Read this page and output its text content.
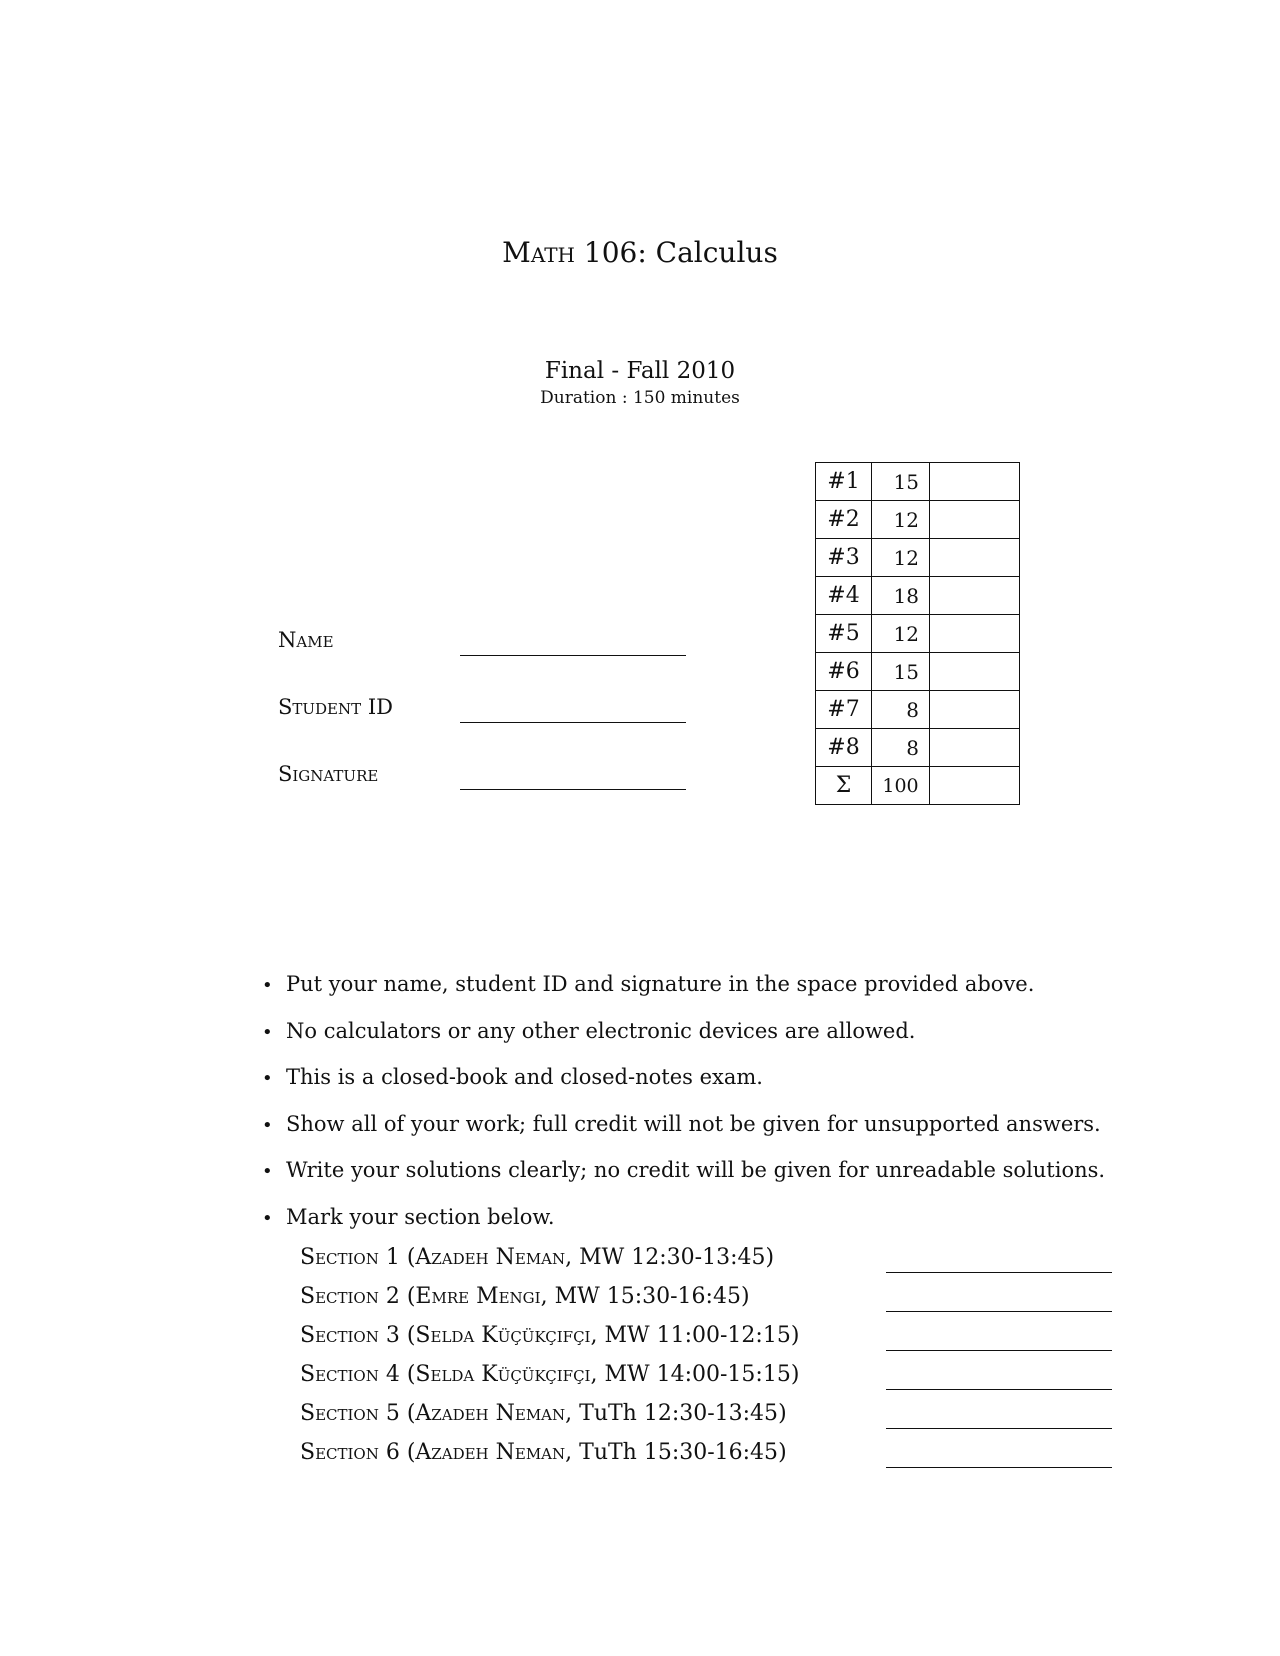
Math 106: Calculus
Final - Fall 2010
Duration : 150 minutes
Name
Student ID
Signature
#1	15	
#2	12	
#3	12	
#4	18	
#5	12	
#6	15	
#7	8	
#8	8	
Σ	100	
• Put your name, student ID and signature in the space provided above.
• No calculators or any other electronic devices are allowed.
• This is a closed-book and closed-notes exam.
• Show all of your work; full credit will not be given for unsupported answers.
• Write your solutions clearly; no credit will be given for unreadable solutions.
• Mark your section below.
Section 1 (Azadeh Neman, MW 12:30-13:45)
Section 2 (Emre Mengi, MW 15:30-16:45)
Section 3 (Selda Küçükçifçi, MW 11:00-12:15)
Section 4 (Selda Küçükçifçi, MW 14:00-15:15)
Section 5 (Azadeh Neman, TuTh 12:30-13:45)
Section 6 (Azadeh Neman, TuTh 15:30-16:45)
